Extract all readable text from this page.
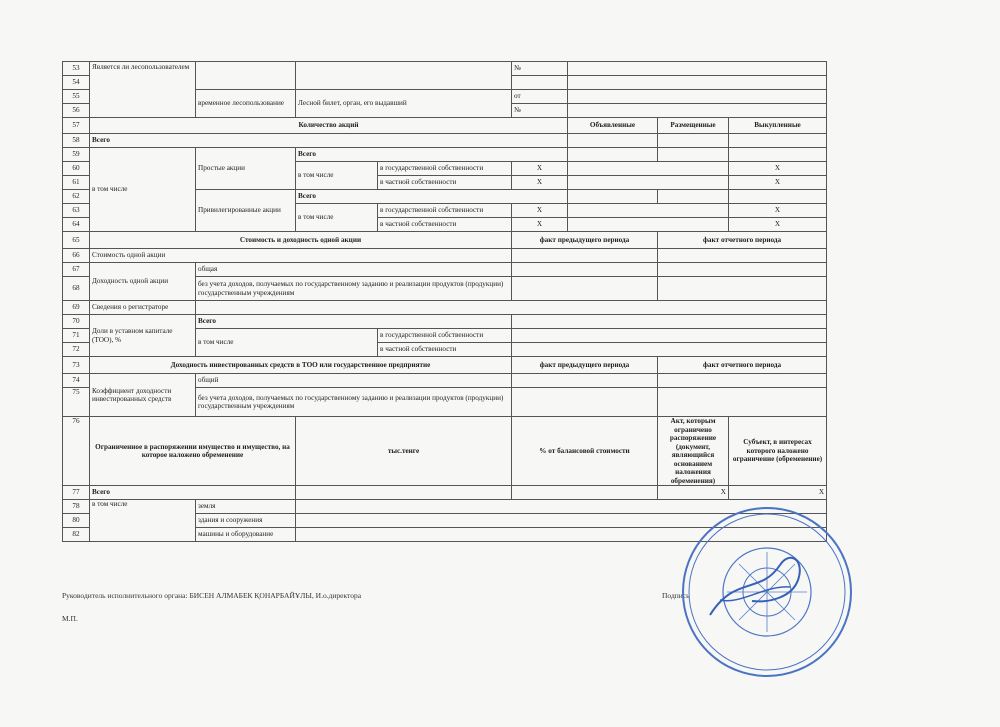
53	Является ли лесопользователем				№			
54								
55		временное лесопользование	Лесной билет, орган, его выдавший		от			
56					№			
57	Количество акций					Объявленные	Размещенные	Выкупленные
58	Всего							
59	в том числе	Простые акции	Всего					
60			в том числе	в государственной собственности	X			X
61				в частной собственности	X			X
62		Привилегированные акции	Всего					
63			в том числе	в государственной собственности	X			X
64				в частной собственности	X			X
65	Стоимость и доходность одной акции				факт предыдущего периода		факт отчетного периода	
66	Стоимость одной акции							
67	Доходность одной акции	общая						
68		без учета доходов, получаемых по государственному заданию и реализации продуктов (продукции) государственным учреждениям						
69	Сведения о регистраторе							
70	Доли в уставном капитале (ТОО), %	Всего						
71		в том числе		в государственной собственности				
72				в частной собственности				
73	Доходность инвестированных средств в ТОО или государственное предприятие				факт предыдущего периода		факт отчетного периода	
74	Коэффициент доходности инвестированных средств	общий						
75		без учета доходов, получаемых по государственному заданию и реализации продуктов (продукции) государственным учреждениям						
76	Ограниченное в распоряжении имущество и имущество, на которое наложено обременение		тыс.тенге		% от балансовой стоимости		Акт, которым ограничено распоряжение (документ, являющийся основанием наложения обременения)	Субъект, в интересах которого наложено ограничение (обременение)
77	Всего						X	X
78	в том числе	земля						
80		здания и сооружения						
82		машины и оборудование						
Руководитель исполнительного органа: БИСЕН АЛМАБЕК ҚОНАРБАЙҰЛЫ, И.о.директора	Подпись
М.П.
